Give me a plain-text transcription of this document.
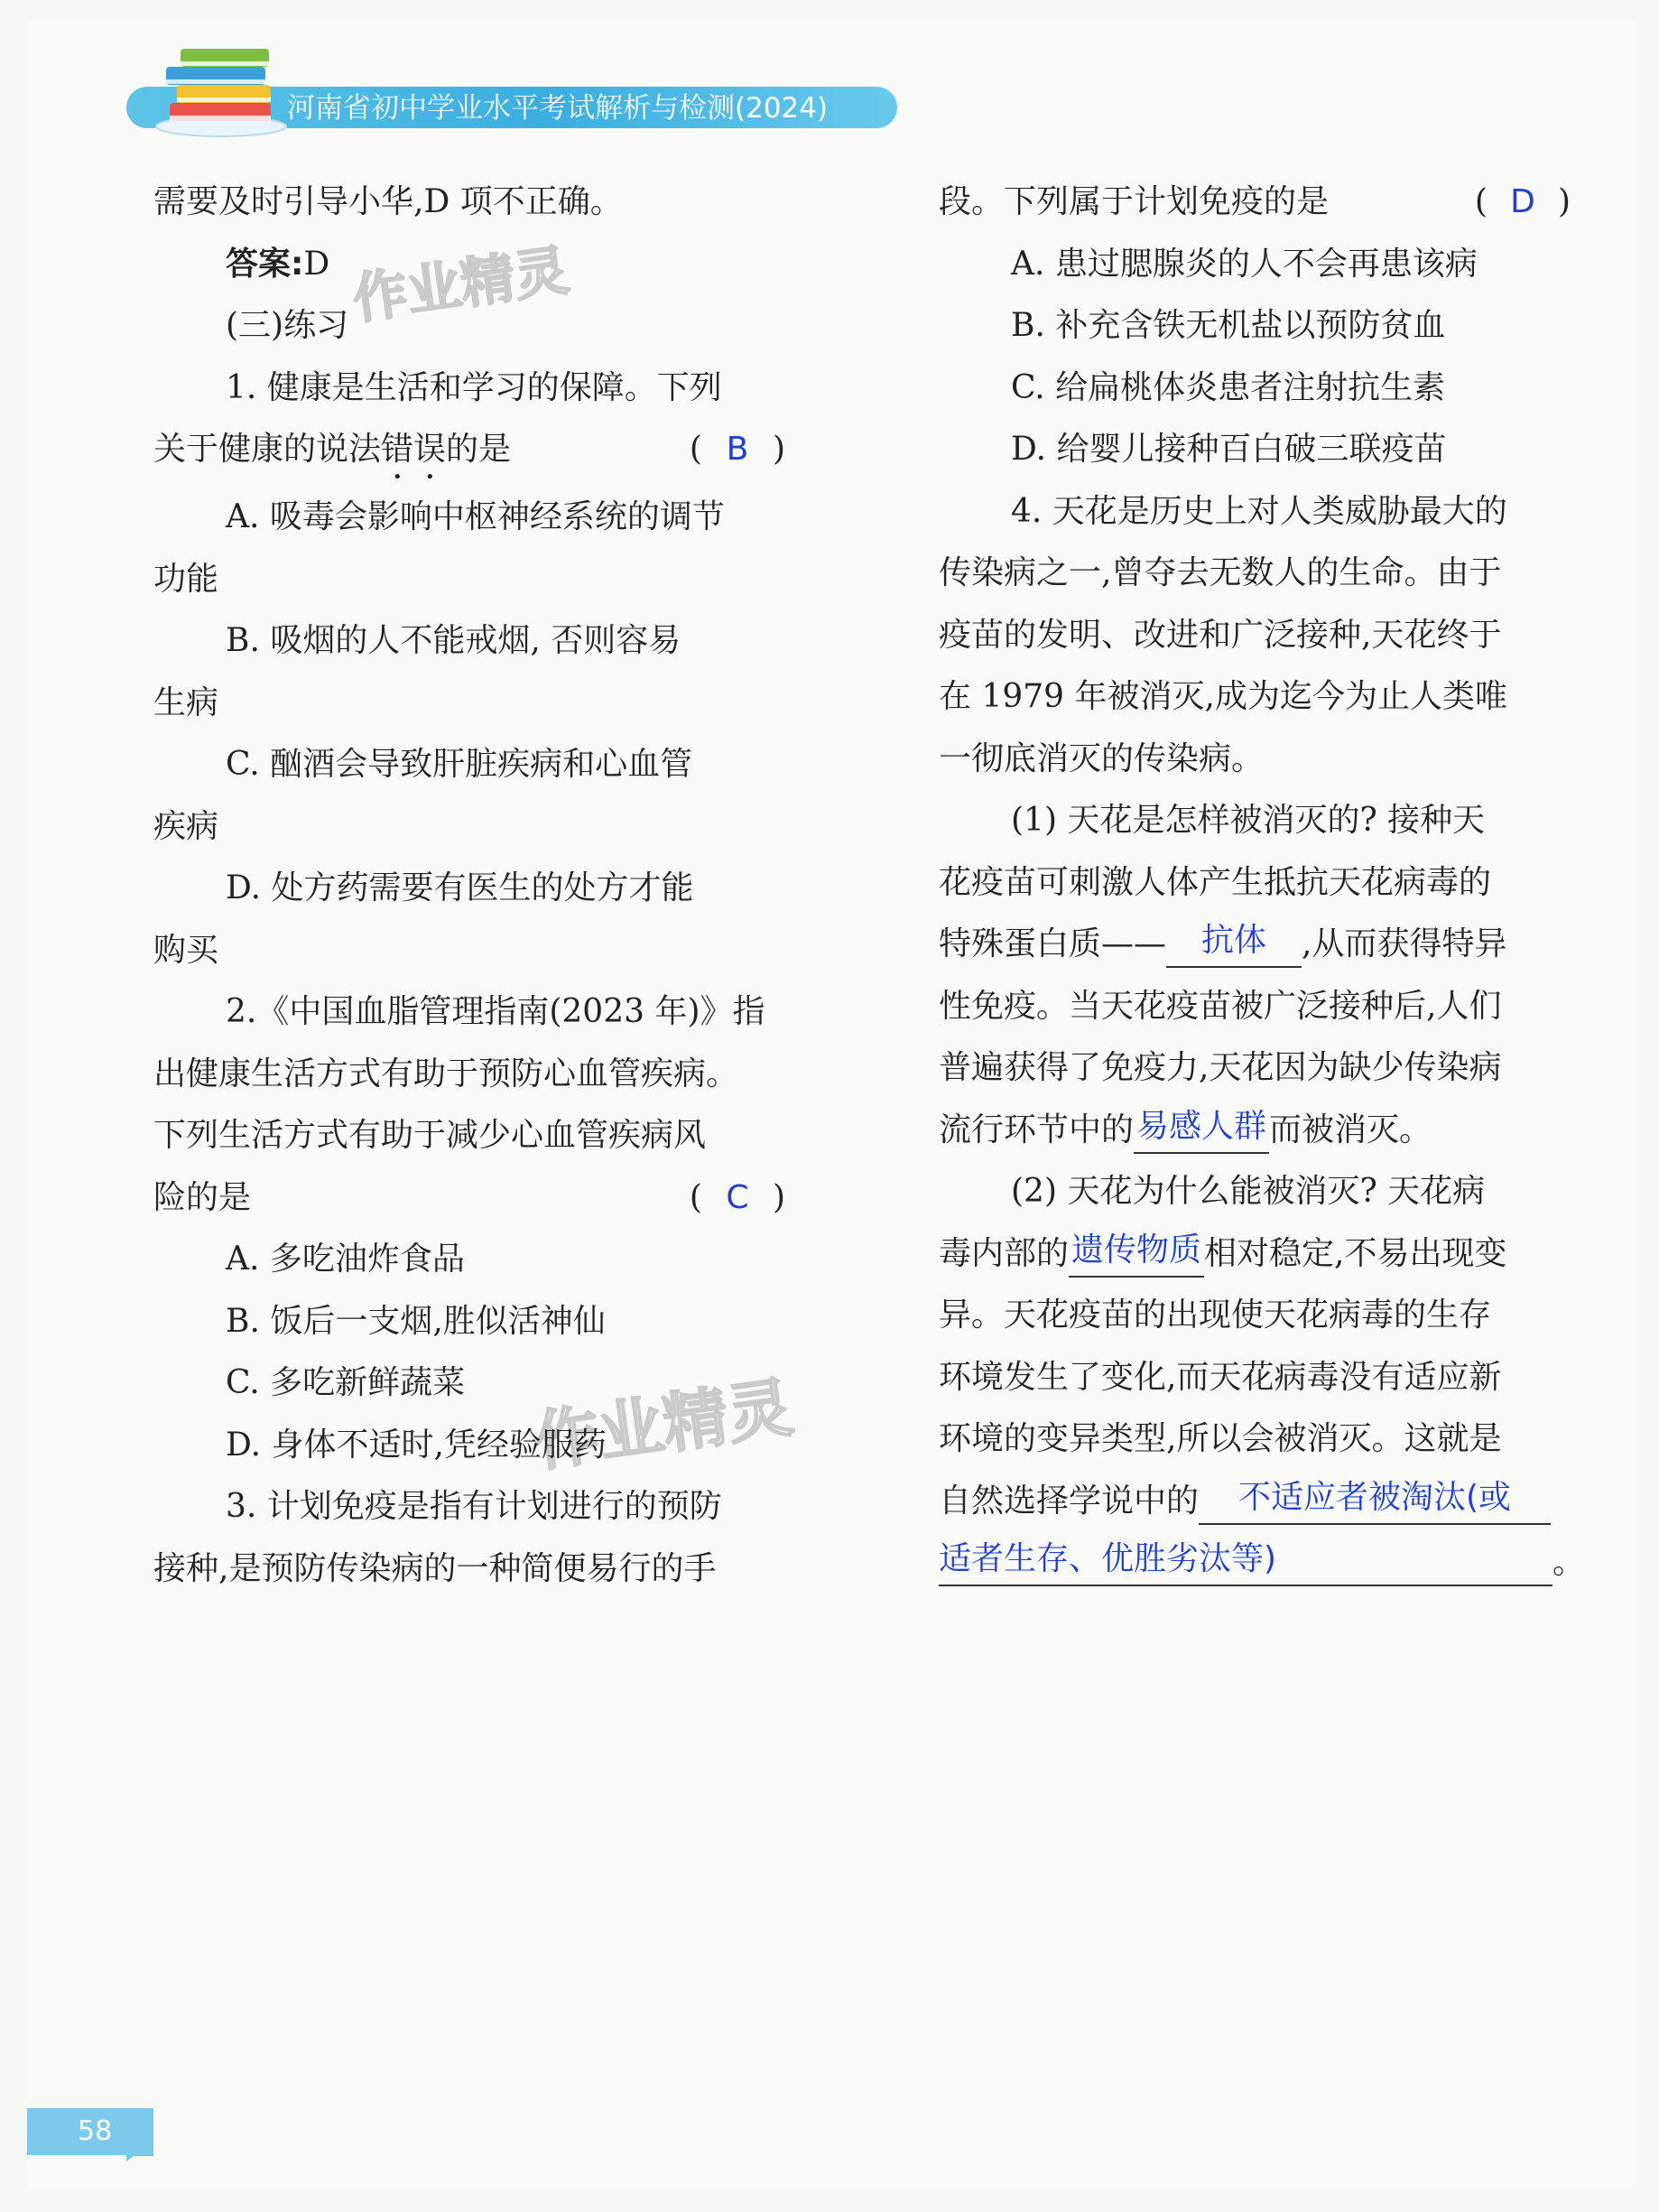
河南省初中学业水平考试解析与检测(2024)
作业精灵
作业精灵

需要及时引导小华,D 项不正确。

答案:D

(三)练习

1. 健康是生活和学习的保障。下列

关于健康的说法错误的是	( B )

A. 吸毒会影响中枢神经系统的调节

功能

B. 吸烟的人不能戒烟, 否则容易

生病

C. 酗酒会导致肝脏疾病和心血管

疾病

D. 处方药需要有医生的处方才能

购买

2.《中国血脂管理指南(2023 年)》指

出健康生活方式有助于预防心血管疾病。

下列生活方式有助于减少心血管疾病风

险的是	( C )

A. 多吃油炸食品

B. 饭后一支烟,胜似活神仙

C. 多吃新鲜蔬菜

D. 身体不适时,凭经验服药

3. 计划免疫是指有计划进行的预防

接种,是预防传染病的一种简便易行的手

段。下列属于计划免疫的是	( D )

A. 患过腮腺炎的人不会再患该病

B. 补充含铁无机盐以预防贫血

C. 给扁桃体炎患者注射抗生素

D. 给婴儿接种百白破三联疫苗

4. 天花是历史上对人类威胁最大的

传染病之一,曾夺去无数人的生命。由于

疫苗的发明、改进和广泛接种,天花终于

在 1979 年被消灭,成为迄今为止人类唯

一彻底消灭的传染病。

(1) 天花是怎样被消灭的? 接种天

花疫苗可刺激人体产生抵抗天花病毒的

特殊蛋白质—— 抗体 ,从而获得特异

性免疫。当天花疫苗被广泛接种后,人们

普遍获得了免疫力,天花因为缺少传染病

流行环节中的易感人群而被消灭。

(2) 天花为什么能被消灭? 天花病

毒内部的遗传物质相对稳定,不易出现变

异。天花疫苗的出现使天花病毒的生存

环境发生了变化,而天花病毒没有适应新

环境的变异类型,所以会被消灭。这就是

自然选择学说中的 不适应者被淘汰(或

适者生存、优胜劣汰等)	。

58
